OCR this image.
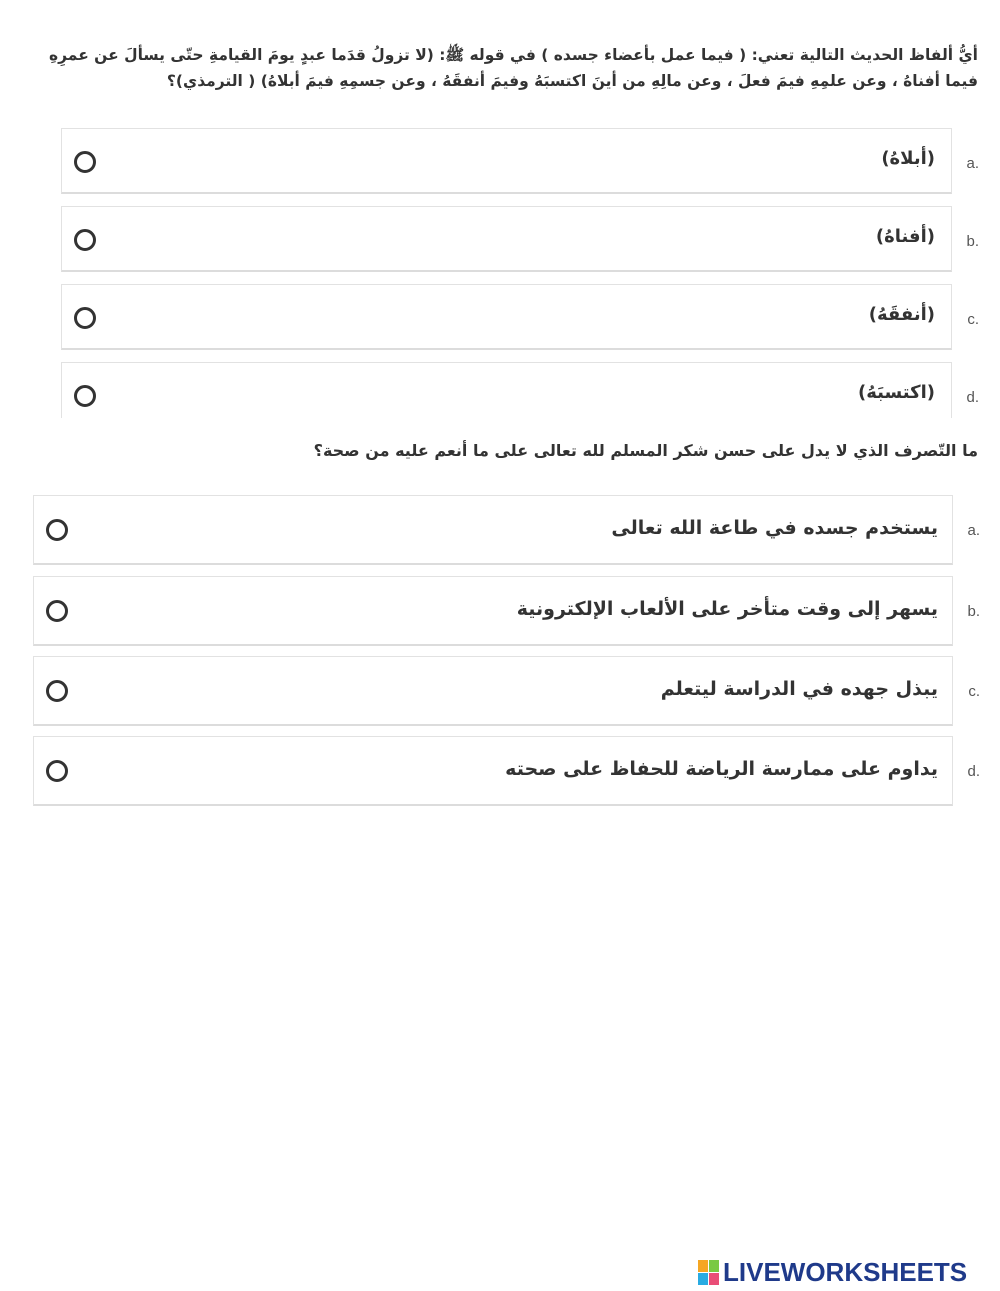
أيُّ ألفاظ الحديث التالية تعني: ( فيما عمل بأعضاء جسده ) في قوله ﷺ: (لا تزولُ قدَما عبدٍ يومَ القيامةِ حتّى يسألَ عن عمرِهِ فيما أفناهُ ، وعن علمِهِ فيمَ فعلَ ، وعن مالِهِ من أينَ اكتسبَهُ وفيمَ أنفقَهُ ، وعن جسمِهِ فيمَ أبلاهُ) ( الترمذي)؟

a.
(أبلاهُ)
b.
(أفناهُ)
c.
(أنفقَهُ)
d.
(اكتسبَهُ)

ما التّصرف الذي لا يدل على حسن شكر المسلم لله تعالى على ما أنعم عليه من صحة؟

a.
يستخدم جسده في طاعة الله تعالى
b.
يسهر إلى وقت متأخر على الألعاب الإلكترونية
c.
يبذل جهده في الدراسة ليتعلم
d.
يداوم على ممارسة الرياضة للحفاظ على صحته
LIVEWORKSHEETS
